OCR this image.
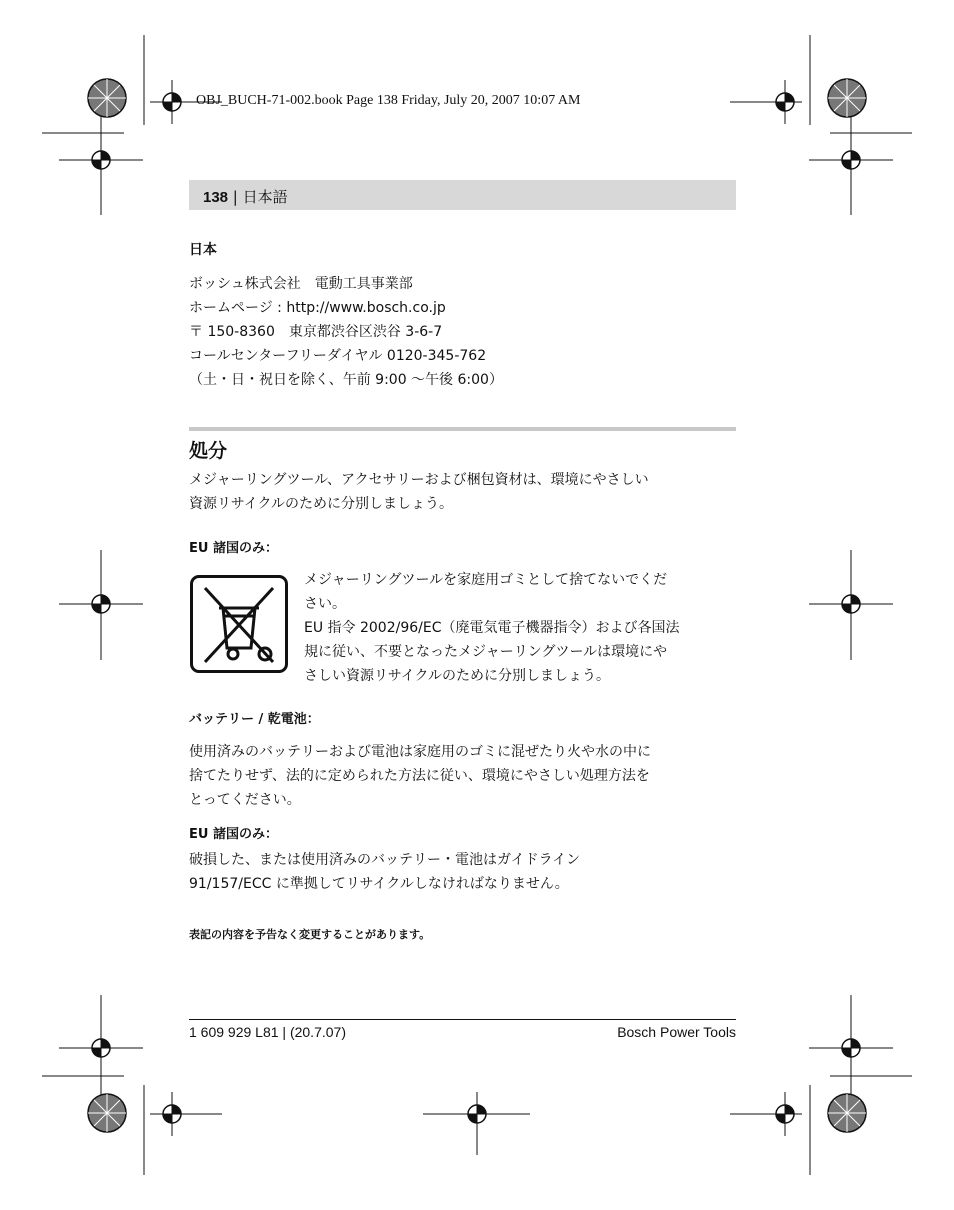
OBJ_BUCH-71-002.book Page 138 Friday, July 20, 2007 10:07 AM
138 | 日本語
日本
ボッシュ株式会社　電動工具事業部
ホームページ : http://www.bosch.co.jp
〒 150-8360　東京都渋谷区渋谷 3-6-7
コールセンターフリーダイヤル 0120-345-762
（土・日・祝日を除く、午前 9:00 〜午後 6:00）
処分
メジャーリングツール、アクセサリーおよび梱包資材は、環境にやさしい
資源リサイクルのために分別しましょう。
EU 諸国のみ：
メジャーリングツールを家庭用ゴミとして捨てないでくだ
さい。
EU 指令 2002/96/EC（廃電気電子機器指令）および各国法
規に従い、不要となったメジャーリングツールは環境にや
さしい資源リサイクルのために分別しましょう。
バッテリー / 乾電池：
使用済みのバッテリーおよび電池は家庭用のゴミに混ぜたり火や水の中に
捨てたりせず、法的に定められた方法に従い、環境にやさしい処理方法を
とってください。
EU 諸国のみ：
破損した、または使用済みのバッテリー・電池はガイドライン
91/157/ECC に準拠してリサイクルしなければなりません。
表記の内容を予告なく変更することがあります。
1 609 929 L81 | (20.7.07)	Bosch Power Tools
